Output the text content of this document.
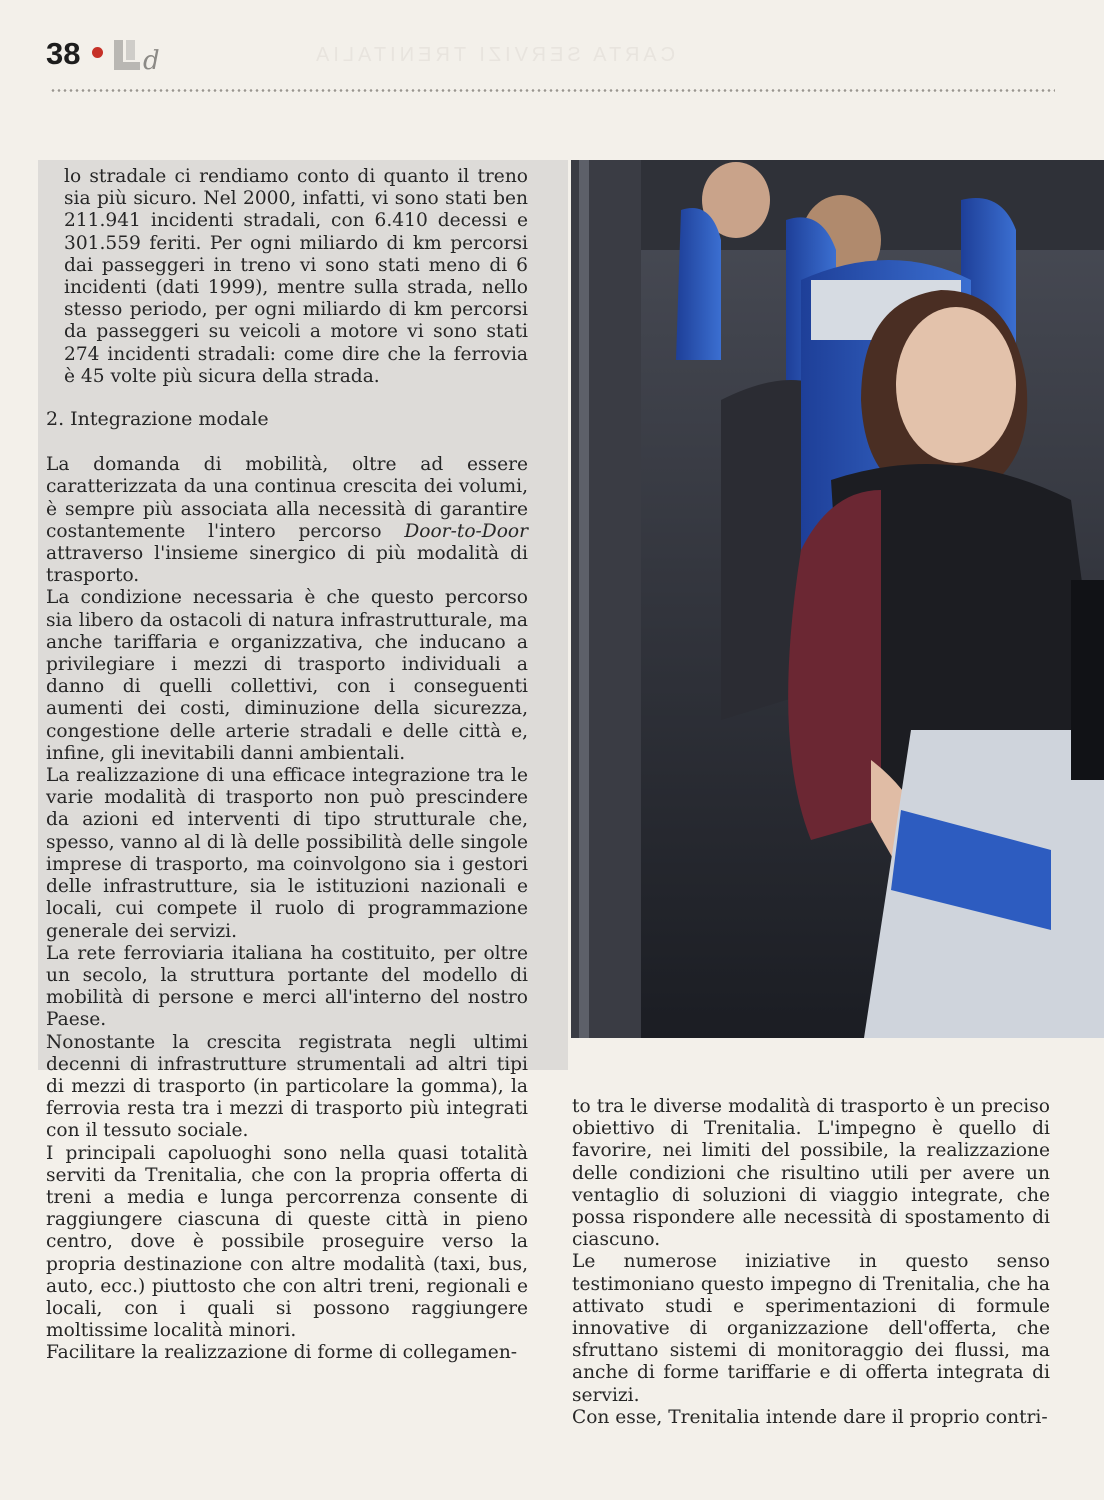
38 d	CARTA SERVIZI TRENITALIA

lo stradale ci rendiamo conto di quanto il treno sia più sicuro. Nel 2000, infatti, vi sono stati ben 211.941 incidenti stradali, con 6.410 decessi e 301.559 feriti. Per ogni miliardo di km percorsi dai passeggeri in treno vi sono stati meno di 6 incidenti (dati 1999), mentre sulla strada, nello stesso periodo, per ogni miliardo di km percorsi da passeggeri su veicoli a motore vi sono stati 274 incidenti stradali: come dire che la ferrovia è 45 volte più sicura della strada.

2. Integrazione modale

La domanda di mobilità, oltre ad essere caratterizzata da una continua crescita dei volumi, è sempre più associata alla necessità di garantire costantemente l'intero percorso Door-to-Door attraverso l'insieme sinergico di più modalità di trasporto.

La condizione necessaria è che questo percorso sia libero da ostacoli di natura infrastrutturale, ma anche tariffaria e organizzativa, che inducano a privilegiare i mezzi di trasporto individuali a danno di quelli collettivi, con i conseguenti aumenti dei costi, diminuzione della sicurezza, congestione delle arterie stradali e delle città e, infine, gli inevitabili danni ambientali.

La realizzazione di una efficace integrazione tra le varie modalità di trasporto non può prescindere da azioni ed interventi di tipo strutturale che, spesso, vanno al di là delle possibilità delle singole imprese di trasporto, ma coinvolgono sia i gestori delle infrastrutture, sia le istituzioni nazionali e locali, cui compete il ruolo di programmazione generale dei servizi.

La rete ferroviaria italiana ha costituito, per oltre un secolo, la struttura portante del modello di mobilità di persone e merci all'interno del nostro Paese.

Nonostante la crescita registrata negli ultimi decenni di infrastrutture strumentali ad altri tipi di mezzi di trasporto (in particolare la gomma), la ferrovia resta tra i mezzi di trasporto più integrati con il tessuto sociale.

I principali capoluoghi sono nella quasi totalità serviti da Trenitalia, che con la propria offerta di treni a media e lunga percorrenza consente di raggiungere ciascuna di queste città in pieno centro, dove è possibile proseguire verso la propria destinazione con altre modalità (taxi, bus, auto, ecc.) piuttosto che con altri treni, regionali e locali, con i quali si possono raggiungere moltissime località minori.

Facilitare la realizzazione di forme di collegamen-

to tra le diverse modalità di trasporto è un preciso obiettivo di Trenitalia. L'impegno è quello di favorire, nei limiti del possibile, la realizzazione delle condizioni che risultino utili per avere un ventaglio di soluzioni di viaggio integrate, che possa rispondere alle necessità di spostamento di ciascuno.

Le numerose iniziative in questo senso testimoniano questo impegno di Trenitalia, che ha attivato studi e sperimentazioni di formule innovative di organizzazione dell'offerta, che sfruttano sistemi di monitoraggio dei flussi, ma anche di forme tariffarie e di offerta integrata di servizi.

Con esse, Trenitalia intende dare il proprio contri-
